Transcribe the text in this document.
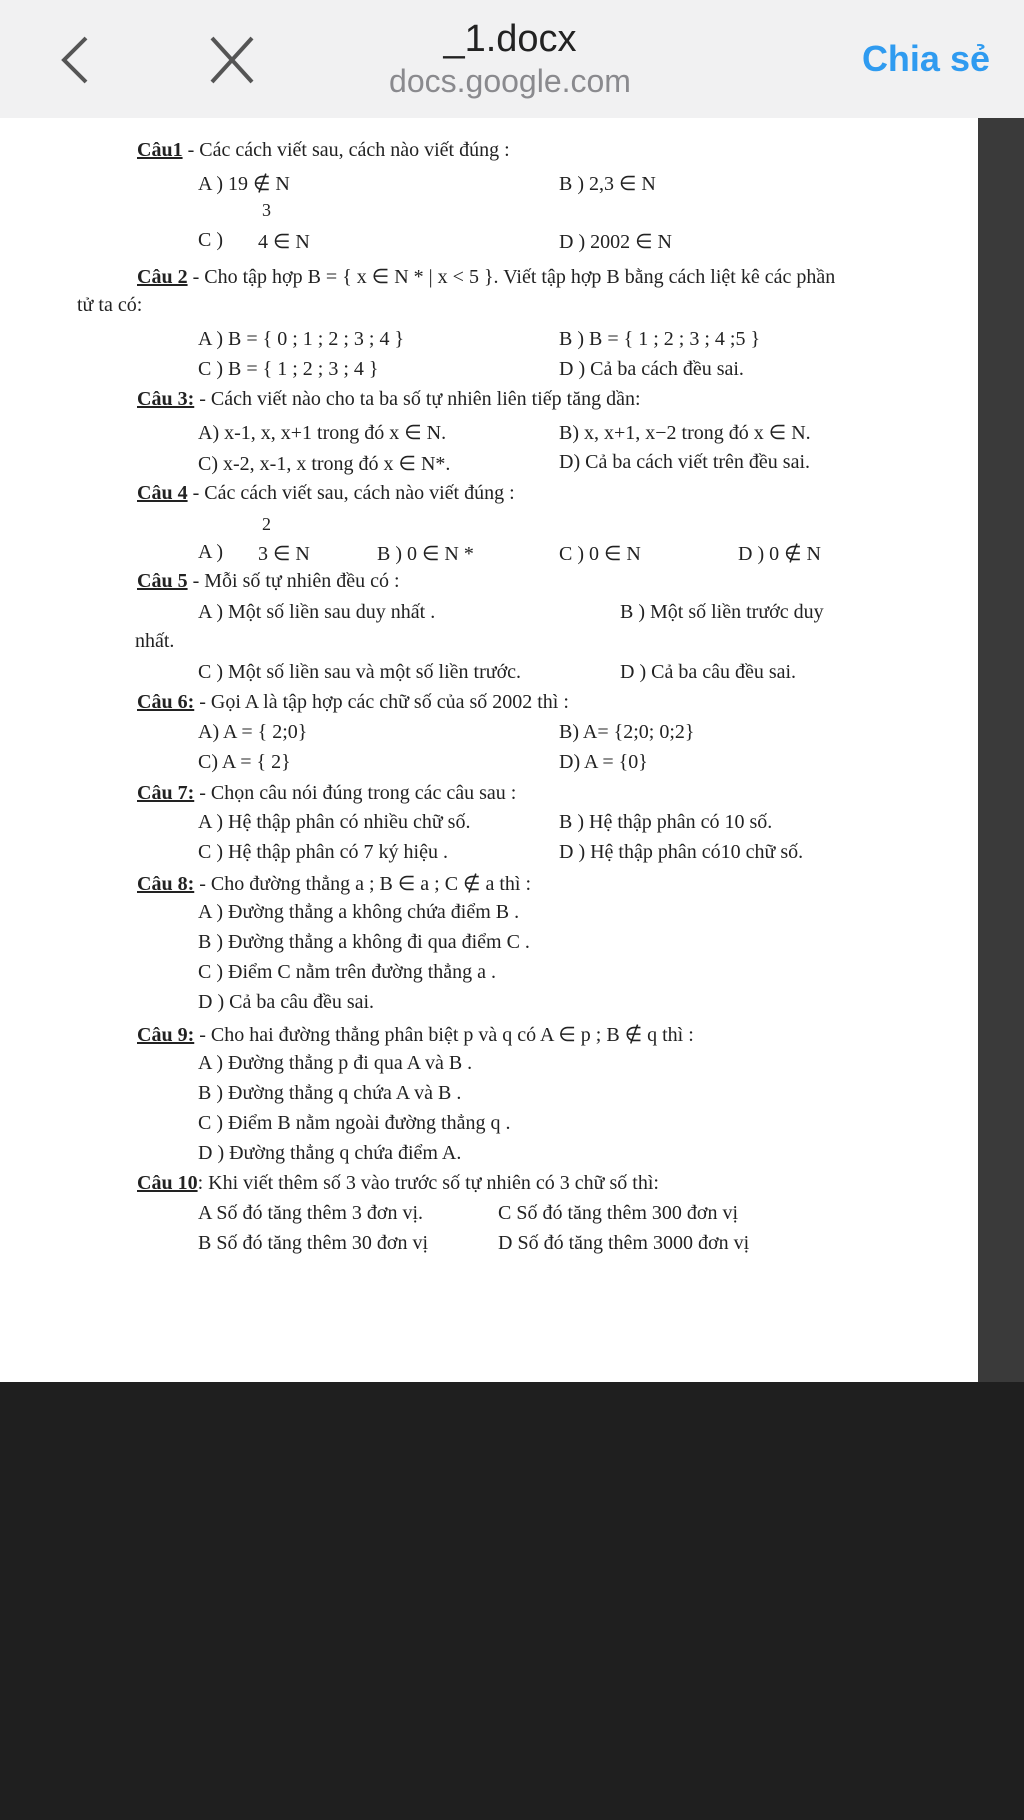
_1.docx
docs.google.com
Chia sẻ
Câu1 - Các cách viết sau, cách nào viết đúng :
A ) 19 ∉ N	B ) 2,3 ∈ N
3
C ) 4 ∈ N	D ) 2002 ∈ N
Câu 2 - Cho tập hợp B = { x ∈ N * | x < 5 }. Viết tập hợp B bằng cách liệt kê các phần
tử ta có:
A ) B = { 0 ; 1 ; 2 ; 3 ; 4 }	B ) B = { 1 ; 2 ; 3 ; 4 ;5 }
C ) B = { 1 ; 2 ; 3 ; 4 }	D ) Cả ba cách đều sai.
Câu 3: - Cách viết nào cho ta ba số tự nhiên liên tiếp tăng dần:
A) x-1, x, x+1 trong đó x ∈ N.	B) x, x+1, x−2 trong đó x ∈ N.
C) x-2, x-1, x trong đó x ∈ N*.	D) Cả ba cách viết trên đều sai.
Câu 4 - Các cách viết sau, cách nào viết đúng :
2
A ) 3 ∈ N	B ) 0 ∈ N *	C ) 0 ∈ N	D ) 0 ∉ N
Câu 5 - Mỗi số tự nhiên đều có :
A ) Một số liền sau duy nhất .	B ) Một số liền trước duy
nhất.
C ) Một số liền sau và một số liền trước.	D ) Cả ba câu đều sai.
Câu 6: - Gọi A là tập hợp các chữ số của số 2002 thì :
A) A = { 2;0}	B) A= {2;0; 0;2}
C) A = { 2}	D) A = {0}
Câu 7: - Chọn câu nói đúng trong các câu sau :
A ) Hệ thập phân có nhiều chữ số.	B ) Hệ thập phân có 10 số.
C ) Hệ thập phân có 7 ký hiệu .	D ) Hệ thập phân có10 chữ số.
Câu 8: - Cho đường thẳng a ; B ∈ a ; C ∉ a thì :
A ) Đường thẳng a không chứa điểm B .
B ) Đường thẳng a không đi qua điểm C .
C ) Điểm C nằm trên đường thẳng a .
D ) Cả ba câu đều sai.
Câu 9: - Cho hai đường thẳng phân biệt p và q có A ∈ p ; B ∉ q thì :
A ) Đường thẳng p đi qua A và B .
B ) Đường thẳng q chứa A và B .
C ) Điểm B nằm ngoài đường thẳng q .
D ) Đường thẳng q chứa điểm A.
Câu 10: Khi viết thêm số 3 vào trước số tự nhiên có 3 chữ số thì:
A Số đó tăng thêm 3 đơn vị.	C Số đó tăng thêm 300 đơn vị
B Số đó tăng thêm 30 đơn vị	D Số đó tăng thêm 3000 đơn vị
